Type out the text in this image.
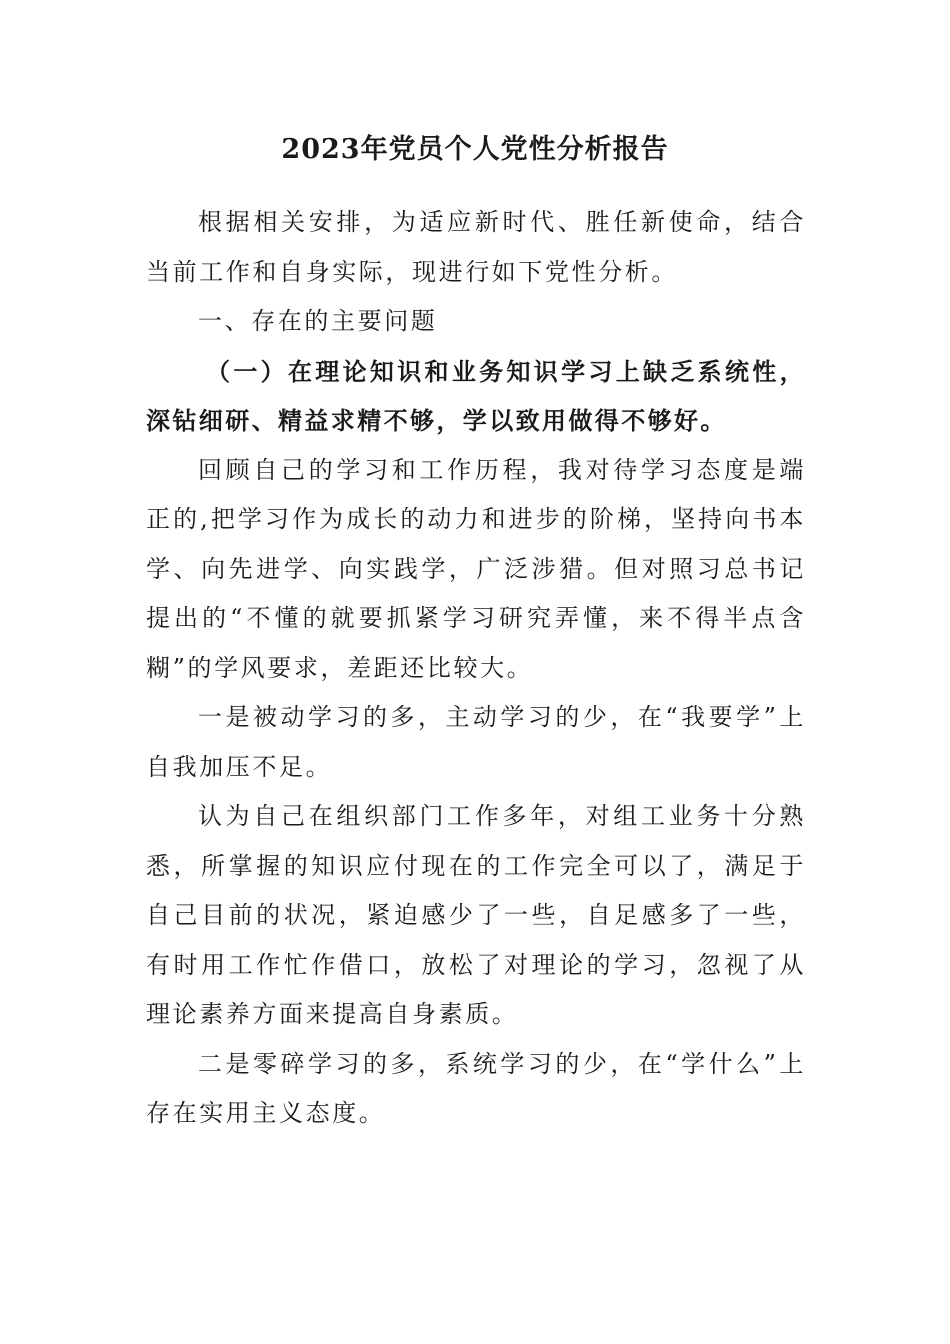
2023年党员个人党性分析报告

根据相关安排，为适应新时代、胜任新使命，结合当前工作和自身实际，现进行如下党性分析。

一、存在的主要问题

（一）在理论知识和业务知识学习上缺乏系统性，深钻细研、精益求精不够，学以致用做得不够好。

回顾自己的学习和工作历程，我对待学习态度是端正的,把学习作为成长的动力和进步的阶梯，坚持向书本学、向先进学、向实践学，广泛涉猎。但对照习总书记提出的“不懂的就要抓紧学习研究弄懂，来不得半点含糊”的学风要求，差距还比较大。

一是被动学习的多，主动学习的少，在“我要学”上自我加压不足。

认为自己在组织部门工作多年，对组工业务十分熟悉，所掌握的知识应付现在的工作完全可以了，满足于自己目前的状况，紧迫感少了一些，自足感多了一些，有时用工作忙作借口，放松了对理论的学习，忽视了从理论素养方面来提高自身素质。

二是零碎学习的多，系统学习的少，在“学什么”上存在实用主义态度。
